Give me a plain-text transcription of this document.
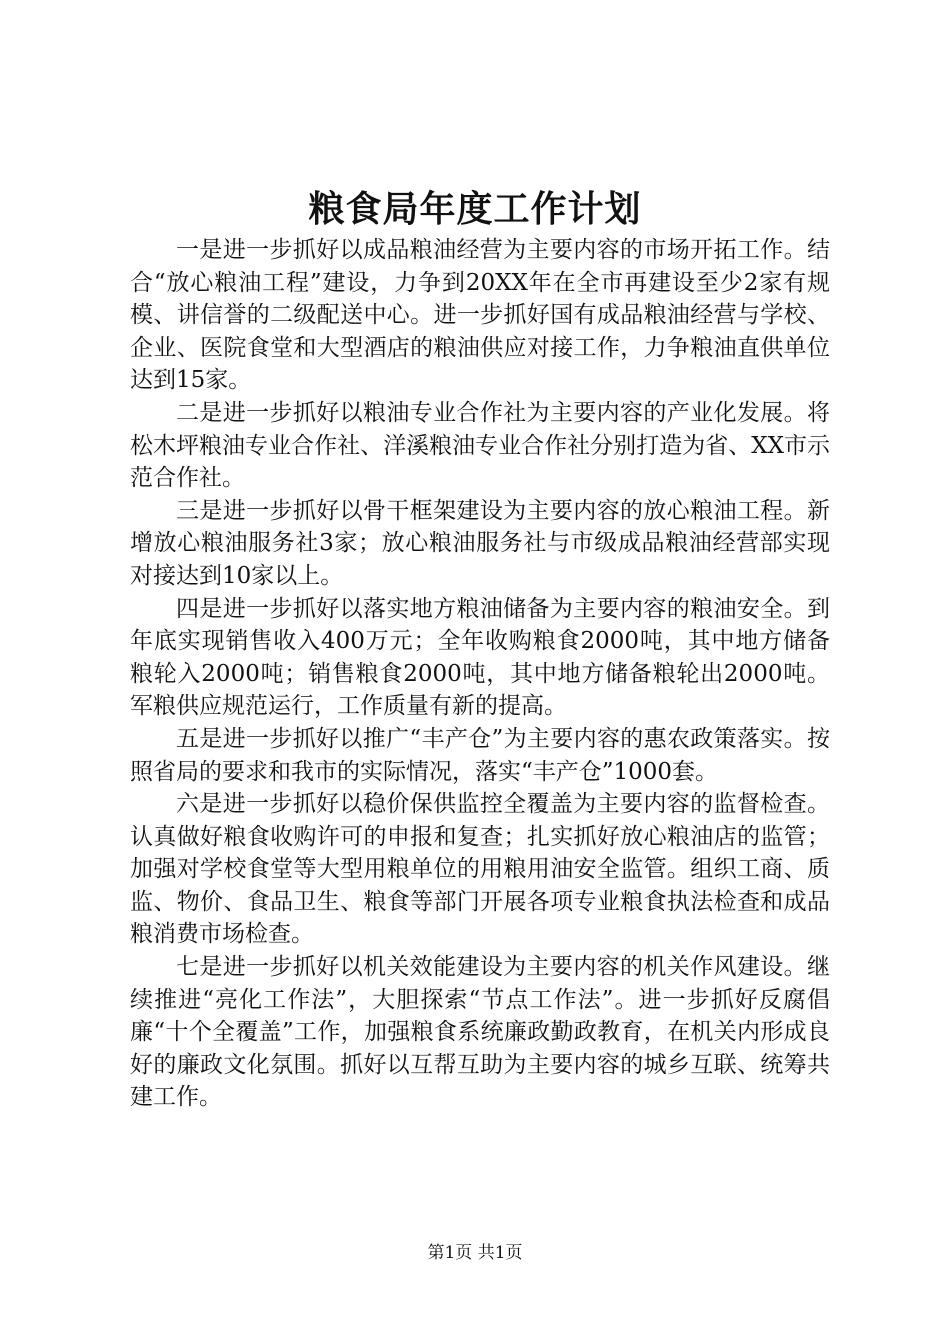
粮食局年度工作计划

一是进一步抓好以成品粮油经营为主要内容的市场开拓工作。结合“放心粮油工程”建设，力争到20XX年在全市再建设至少2家有规模、讲信誉的二级配送中心。进一步抓好国有成品粮油经营与学校、企业、医院食堂和大型酒店的粮油供应对接工作，力争粮油直供单位达到15家。

二是进一步抓好以粮油专业合作社为主要内容的产业化发展。将松木坪粮油专业合作社、洋溪粮油专业合作社分别打造为省、XX市示范合作社。

三是进一步抓好以骨干框架建设为主要内容的放心粮油工程。新增放心粮油服务社3家；放心粮油服务社与市级成品粮油经营部实现对接达到10家以上。

四是进一步抓好以落实地方粮油储备为主要内容的粮油安全。到年底实现销售收入400万元；全年收购粮食2000吨，其中地方储备粮轮入2000吨；销售粮食2000吨，其中地方储备粮轮出2000吨。军粮供应规范运行，工作质量有新的提高。

五是进一步抓好以推广“丰产仓”为主要内容的惠农政策落实。按照省局的要求和我市的实际情况，落实“丰产仓”1000套。

六是进一步抓好以稳价保供监控全覆盖为主要内容的监督检查。认真做好粮食收购许可的申报和复查；扎实抓好放心粮油店的监管；加强对学校食堂等大型用粮单位的用粮用油安全监管。组织工商、质监、物价、食品卫生、粮食等部门开展各项专业粮食执法检查和成品粮消费市场检查。

七是进一步抓好以机关效能建设为主要内容的机关作风建设。继续推进“亮化工作法”，大胆探索“节点工作法”。进一步抓好反腐倡廉“十个全覆盖”工作，加强粮食系统廉政勤政教育，在机关内形成良好的廉政文化氛围。抓好以互帮互助为主要内容的城乡互联、统筹共建工作。

第1页 共1页
